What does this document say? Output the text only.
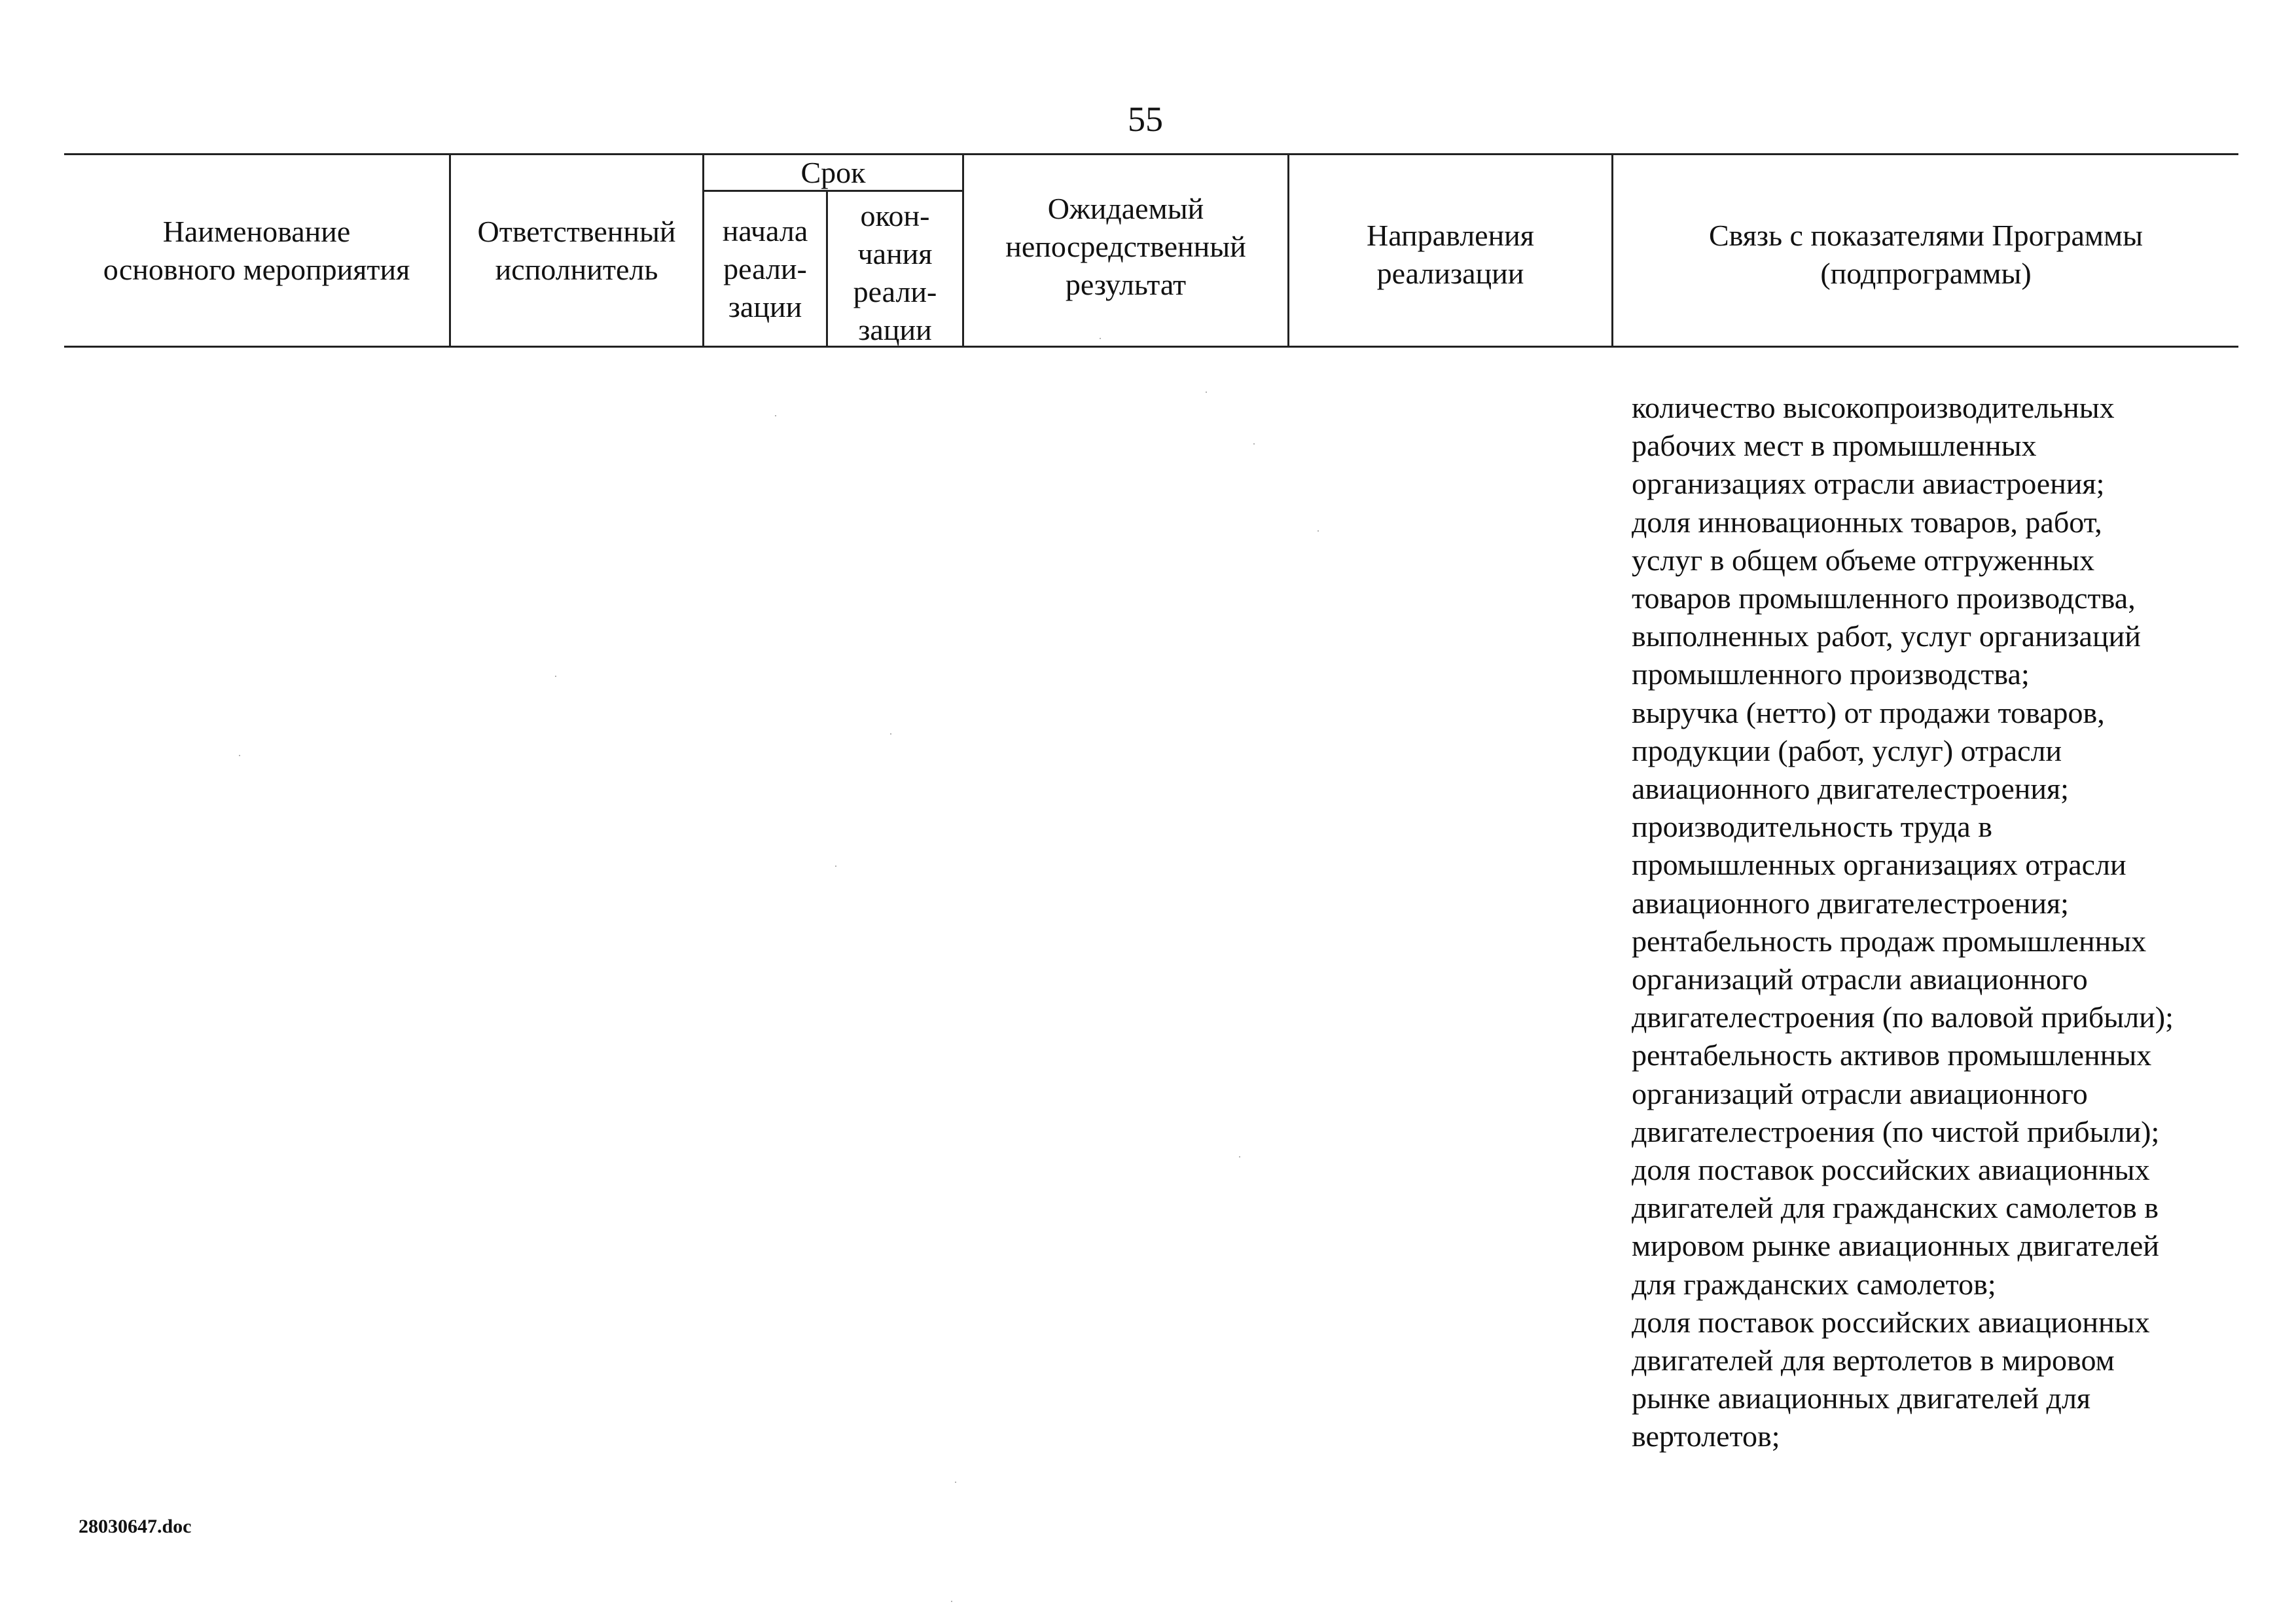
55
Наименование
основного мероприятия
Ответственный
исполнитель
Срок
начала
реали-
зации
окон-
чания
реали-
зации
Ожидаемый
непосредственный
результат
Направления
реализации
Связь с показателями Программы
(подпрограммы)
количество высокопроизводительных
рабочих мест в промышленных
организациях отрасли авиастроения;
доля инновационных товаров, работ,
услуг в общем объеме отгруженных
товаров промышленного производства,
выполненных работ, услуг организаций
промышленного производства;
выручка (нетто) от продажи товаров,
продукции (работ, услуг) отрасли
авиационного двигателестроения;
производительность труда в
промышленных организациях отрасли
авиационного двигателестроения;
рентабельность продаж промышленных
организаций отрасли авиационного
двигателестроения (по валовой прибыли);
рентабельность активов промышленных
организаций отрасли авиационного
двигателестроения (по чистой прибыли);
доля поставок российских авиационных
двигателей для гражданских самолетов в
мировом рынке авиационных двигателей
для гражданских самолетов;
доля поставок российских авиационных
двигателей для вертолетов в мировом
рынке авиационных двигателей для
вертолетов;
28030647.doc
